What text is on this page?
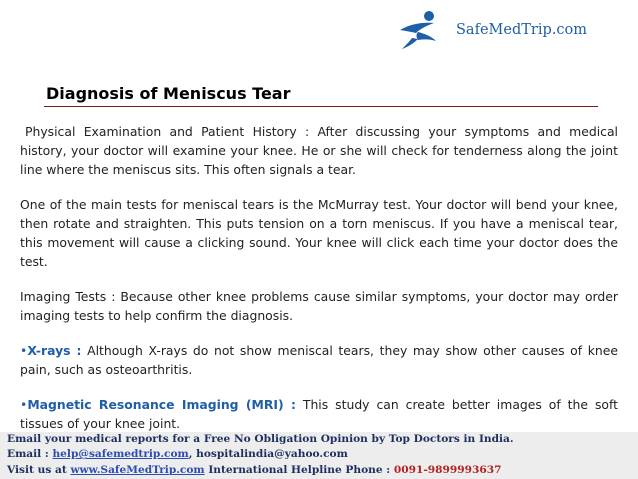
SafeMedTrip.com
Diagnosis of Meniscus Tear

Physical Examination and Patient History : After discussing your symptoms and medical history, your doctor will examine your knee. He or she will check for tenderness along the joint line where the meniscus sits. This often signals a tear.

One of the main tests for meniscal tears is the McMurray test. Your doctor will bend your knee, then rotate and straighten. This puts tension on a torn meniscus. If you have a meniscal tear, this movement will cause a clicking sound. Your knee will click each time your doctor does the test.

Imaging Tests : Because other knee problems cause similar symptoms, your doctor may order imaging tests to help confirm the diagnosis.

•X-rays : Although X-rays do not show meniscal tears, they may show other causes of knee pain, such as osteoarthritis.

•Magnetic Resonance Imaging (MRI) : This study can create better images of the soft tissues of your knee joint.

Email your medical reports for a Free No Obligation Opinion by Top Doctors in India.
Email : help@safemedtrip.com, hospitalindia@yahoo.com
Visit us at www.SafeMedTrip.com International Helpline Phone : 0091-9899993637
